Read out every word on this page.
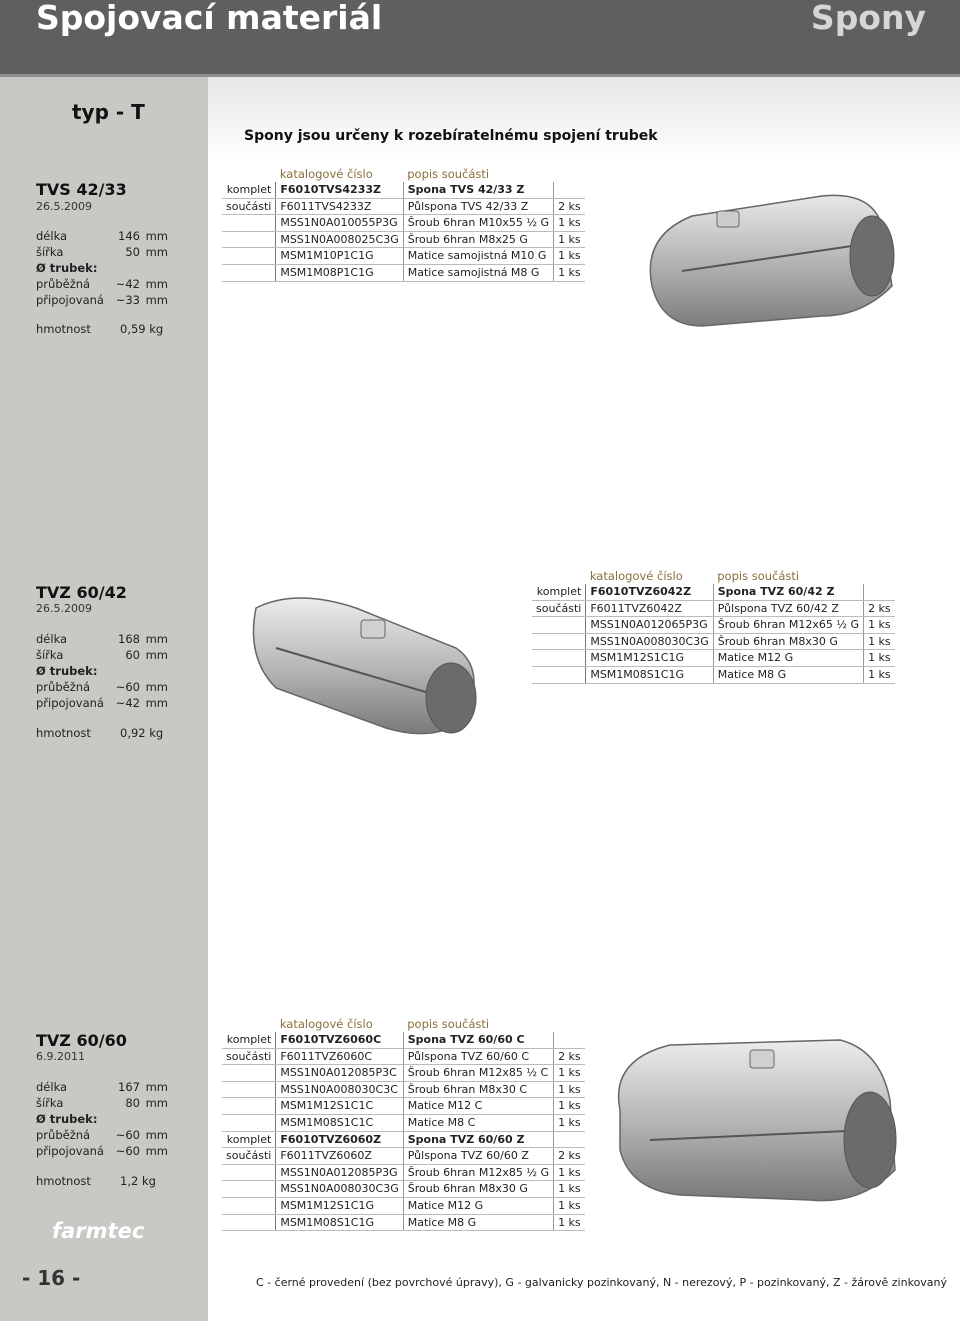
Spojovací materiál	Spony
typ - T
Spony jsou určeny k rozebíratelnému spojení trubek
TVS 42/33
26.5.2009
délka	146 mm
šířka	50 mm
Ø trubek:
průběžná ~42 mm
připojovaná ~33 mm
hmotnost	0,59 kg
	katalogové číslo	popis součásti	
komplet	F6010TVS4233Z	Spona TVS 42/33 Z	
součásti	F6011TVS4233Z	Půlspona TVS 42/33 Z	2 ks
	MSS1N0A010055P3G	Šroub 6hran M10x55 ½ G	1 ks
	MSS1N0A008025C3G	Šroub 6hran M8x25 G	1 ks
	MSM1M10P1C1G	Matice samojistná M10 G	1 ks
	MSM1M08P1C1G	Matice samojistná M8 G	1 ks
TVZ 60/42
26.5.2009
délka	168 mm
šířka	60 mm
Ø trubek:
průběžná ~60 mm
připojovaná ~42 mm
hmotnost	0,92 kg
	katalogové číslo	popis součásti	
komplet	F6010TVZ6042Z	Spona TVZ 60/42 Z	
součásti	F6011TVZ6042Z	Půlspona TVZ 60/42 Z	2 ks
	MSS1N0A012065P3G	Šroub 6hran M12x65 ½ G	1 ks
	MSS1N0A008030C3G	Šroub 6hran M8x30 G	1 ks
	MSM1M12S1C1G	Matice M12 G	1 ks
	MSM1M08S1C1G	Matice M8 G	1 ks
TVZ 60/60
6.9.2011
délka	167 mm
šířka	80 mm
Ø trubek:
průběžná ~60 mm
připojovaná ~60 mm
hmotnost	1,2 kg
	katalogové číslo	popis součásti	
komplet	F6010TVZ6060C	Spona TVZ 60/60 C	
součásti	F6011TVZ6060C	Půlspona TVZ 60/60 C	2 ks
	MSS1N0A012085P3C	Šroub 6hran M12x85 ½ C	1 ks
	MSS1N0A008030C3C	Šroub 6hran M8x30 C	1 ks
	MSM1M12S1C1C	Matice M12 C	1 ks
	MSM1M08S1C1C	Matice M8 C	1 ks
komplet	F6010TVZ6060Z	Spona TVZ 60/60 Z	
součásti	F6011TVZ6060Z	Půlspona TVZ 60/60 Z	2 ks
	MSS1N0A012085P3G	Šroub 6hran M12x85 ½ G	1 ks
	MSS1N0A008030C3G	Šroub 6hran M8x30 G	1 ks
	MSM1M12S1C1G	Matice M12 G	1 ks
	MSM1M08S1C1G	Matice M8 G	1 ks
farmtec
- 16 -	C - černé provedení (bez povrchové úpravy), G - galvanicky pozinkovaný, N - nerezový, P - pozinkovaný, Z - žárově zinkovaný
